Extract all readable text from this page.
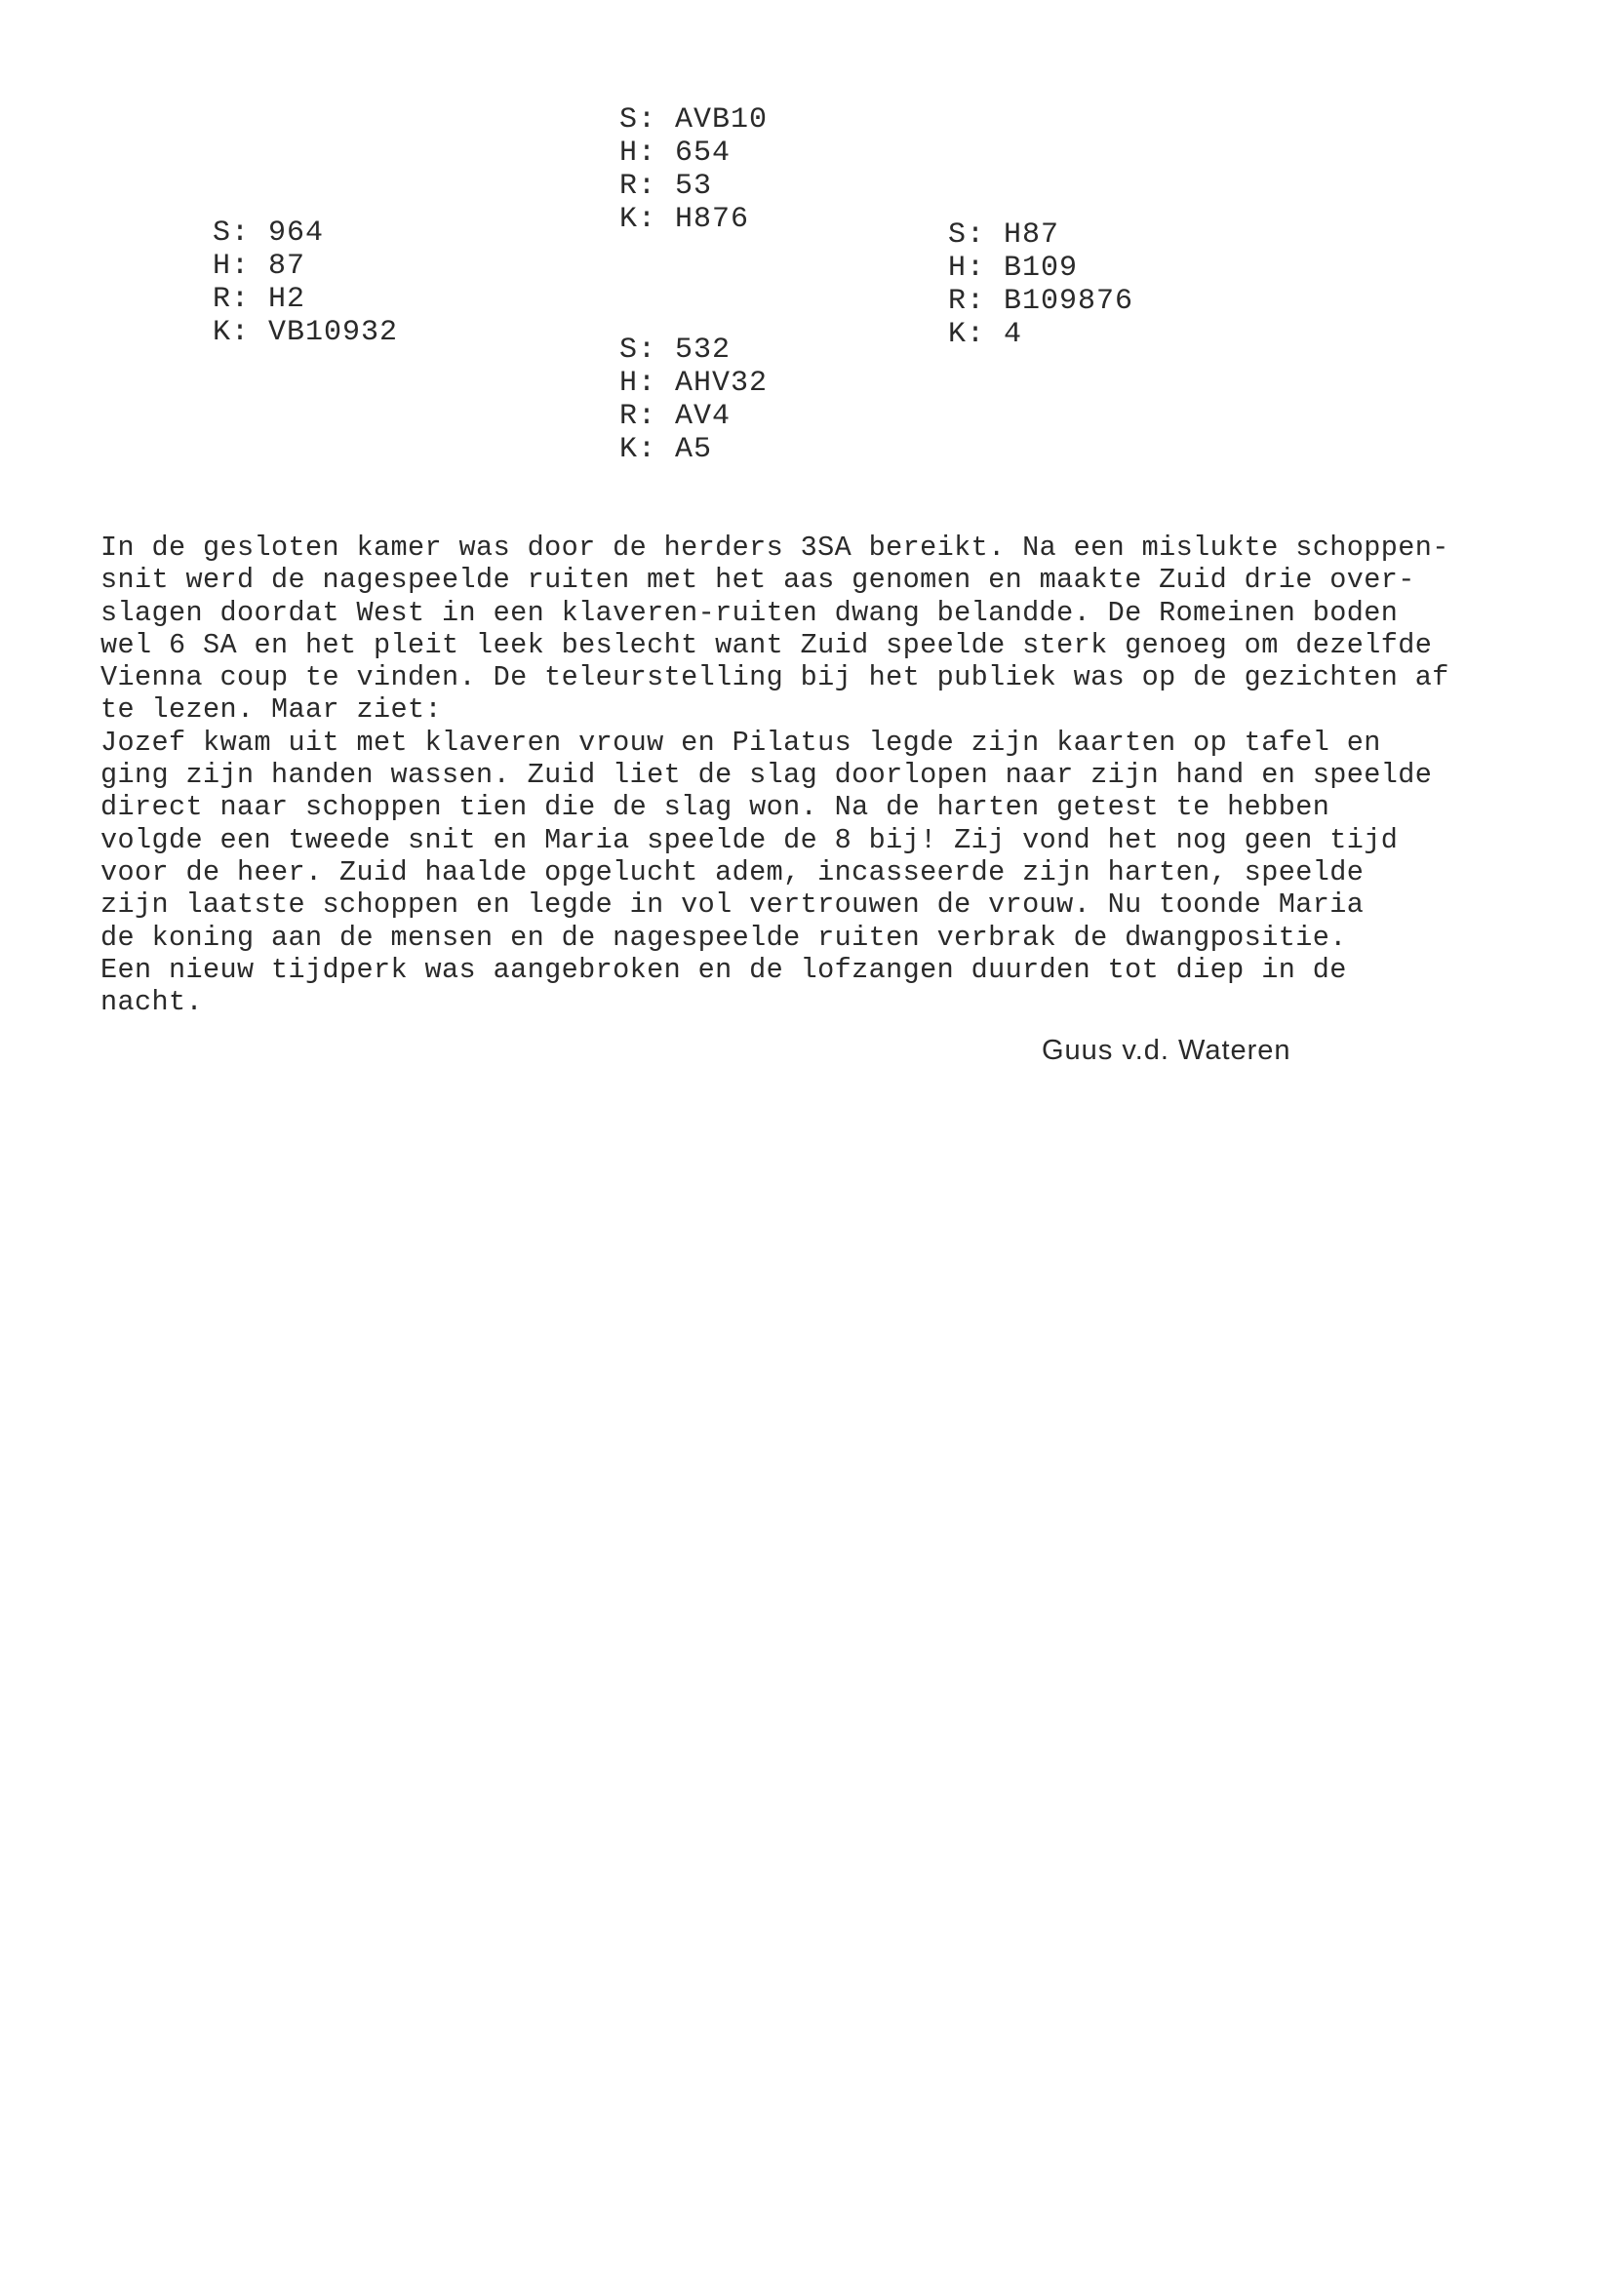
S: AVB10
H: 654
R: 53
K: H876
S: 964
H: 87
R: H2
K: VB10932
S: H87
H: B109
R: B109876
K: 4
S: 532
H: AHV32
R: AV4
K: A5

In de gesloten kamer was door de herders 3SA bereikt. Na een mislukte schoppen-
snit werd de nagespeelde ruiten met het aas genomen en maakte Zuid drie over-
slagen doordat West in een klaveren-ruiten dwang belandde. De Romeinen boden
wel 6 SA en het pleit leek beslecht want Zuid speelde sterk genoeg om dezelfde
Vienna coup te vinden. De teleurstelling bij het publiek was op de gezichten af
te lezen. Maar ziet:
Jozef kwam uit met klaveren vrouw en Pilatus legde zijn kaarten op tafel en
ging zijn handen wassen. Zuid liet de slag doorlopen naar zijn hand en speelde
direct naar schoppen tien die de slag won. Na de harten getest te hebben
volgde een tweede snit en Maria speelde de 8 bij! Zij vond het nog geen tijd
voor de heer. Zuid haalde opgelucht adem, incasseerde zijn harten, speelde
zijn laatste schoppen en legde in vol vertrouwen de vrouw. Nu toonde Maria
de koning aan de mensen en de nagespeelde ruiten verbrak de dwangpositie.
Een nieuw tijdperk was aangebroken en de lofzangen duurden tot diep in de
nacht.

Guus v.d. Wateren
